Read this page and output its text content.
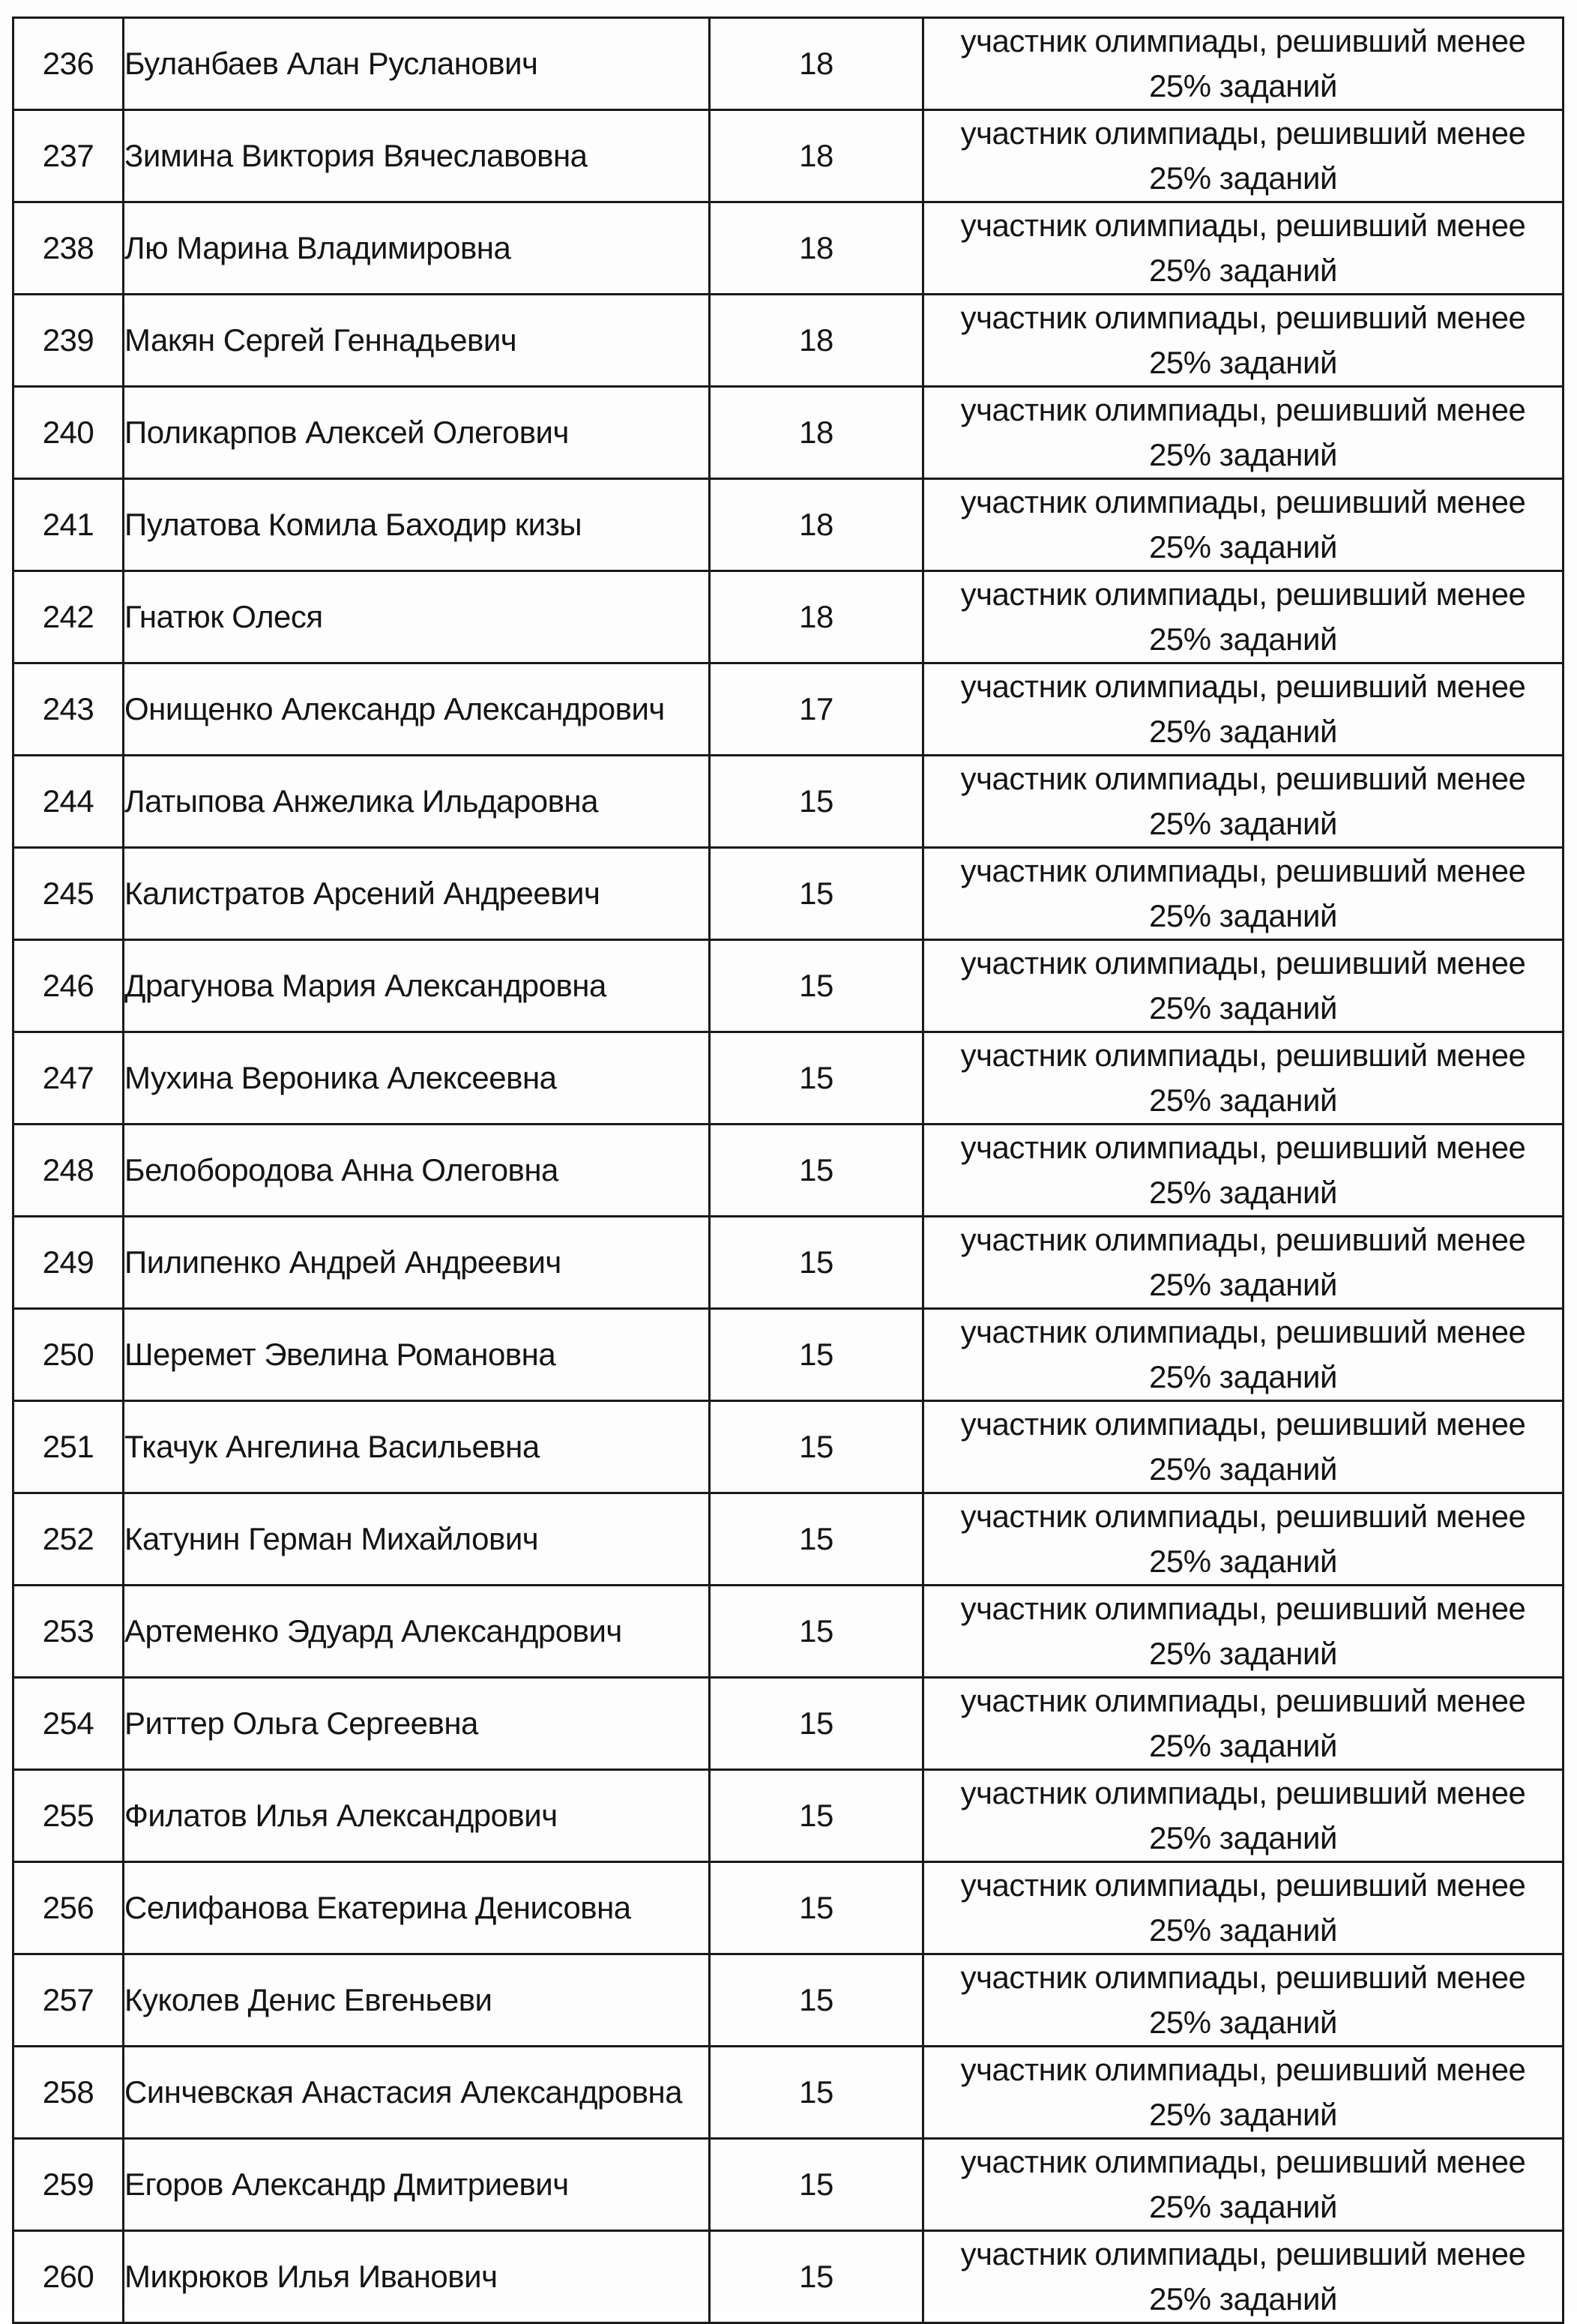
236	Буланбаев Алан Русланович	18	участник олимпиады, решивший менее
25% заданий

237	Зимина Виктория Вячеславовна	18	участник олимпиады, решивший менее
25% заданий

238	Лю Марина Владимировна	18	участник олимпиады, решивший менее
25% заданий

239	Макян Сергей Геннадьевич	18	участник олимпиады, решивший менее
25% заданий

240	Поликарпов Алексей Олегович	18	участник олимпиады, решивший менее
25% заданий

241	Пулатова Комила Баходир кизы	18	участник олимпиады, решивший менее
25% заданий

242	Гнатюк Олеся	18	участник олимпиады, решивший менее
25% заданий

243	Онищенко Александр Александрович	17	участник олимпиады, решивший менее
25% заданий

244	Латыпова Анжелика Ильдаровна	15	участник олимпиады, решивший менее
25% заданий

245	Калистратов Арсений Андреевич	15	участник олимпиады, решивший менее
25% заданий

246	Драгунова Мария Александровна	15	участник олимпиады, решивший менее
25% заданий

247	Мухина Вероника Алексеевна	15	участник олимпиады, решивший менее
25% заданий

248	Белобородова Анна Олеговна	15	участник олимпиады, решивший менее
25% заданий

249	Пилипенко Андрей Андреевич	15	участник олимпиады, решивший менее
25% заданий

250	Шеремет Эвелина Романовна	15	участник олимпиады, решивший менее
25% заданий

251	Ткачук Ангелина Васильевна	15	участник олимпиады, решивший менее
25% заданий

252	Катунин Герман Михайлович	15	участник олимпиады, решивший менее
25% заданий

253	Артеменко Эдуард Александрович	15	участник олимпиады, решивший менее
25% заданий

254	Риттер Ольга Сергеевна	15	участник олимпиады, решивший менее
25% заданий

255	Филатов Илья Александрович	15	участник олимпиады, решивший менее
25% заданий

256	Селифанова Екатерина Денисовна	15	участник олимпиады, решивший менее
25% заданий

257	Куколев Денис Евгеньеви	15	участник олимпиады, решивший менее
25% заданий

258	Синчевская Анастасия Александровна	15	участник олимпиады, решивший менее
25% заданий

259	Егоров Александр Дмитриевич	15	участник олимпиады, решивший менее
25% заданий

260	Микрюков Илья Иванович	15	участник олимпиады, решивший менее
25% заданий
